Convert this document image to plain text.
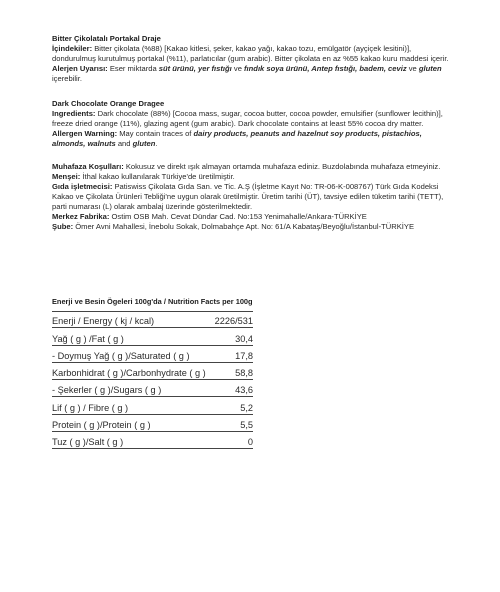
Bitter Çikolatalı Portakal Draje

İçindekiler: Bitter çikolata (%88) [Kakao kitlesi, şeker, kakao yağı, kakao tozu, emülgatör (ayçiçek lesitini)], dondurulmuş kurutulmuş portakal (%11), parlatıcılar (gum arabic). Bitter çikolata en az %55 kakao kuru maddesi içerir.

Alerjen Uyarısı: Eser miktarda süt ürünü, yer fıstığı ve fındık soya ürünü, Antep fıstığı, badem, ceviz ve gluten içerebilir.

Dark Chocolate Orange Dragee

Ingredients: Dark chocolate (88%) [Cocoa mass, sugar, cocoa butter, cocoa powder, emulsifier (sunflower lecithin)], freeze dried orange (11%), glazing agent (gum arabic). Dark chocolate contains at least 55% cocoa dry matter.

Allergen Warning: May contain traces of dairy products, peanuts and hazelnut soy products, pistachios, almonds, walnuts and gluten.

Muhafaza Koşulları: Kokusuz ve direkt ışık almayan ortamda muhafaza ediniz. Buzdolabında muhafaza etmeyiniz.

Menşei: İthal kakao kullanılarak Türkiye'de üretilmiştir.

Gıda işletmecisi: Patiswiss Çikolata Gıda San. ve Tic. A.Ş (İşletme Kayıt No: TR-06-K-008767) Türk Gıda Kodeksi Kakao ve Çikolata Ürünleri Tebliği'ne uygun olarak üretilmiştir. Üretim tarihi (ÜT), tavsiye edilen tüketim tarihi (TETT), parti numarası (L) olarak ambalaj üzerinde gösterilmektedir.

Merkez Fabrika: Ostim OSB Mah. Cevat Dündar Cad. No:153 Yenimahalle/Ankara-TÜRKİYE

Şube: Ömer Avni Mahallesi, İnebolu Sokak, Dolmabahçe Apt. No: 61/A Kabataş/Beyoğlu/İstanbul-TÜRKİYE

Enerji ve Besin Ögeleri 100g'da / Nutrition Facts per 100g
Enerji / Energy ( kj / kcal)	2226/531
Yağ ( g ) /Fat ( g )	30,4
- Doymuş Yağ ( g )/Saturated ( g )	17,8
Karbonhidrat ( g )/Carbonhydrate ( g )	58,8
- Şekerler ( g )/Sugars ( g )	43,6
Lif ( g ) / Fibre ( g )	5,2
Protein ( g )/Protein ( g )	5,5
Tuz ( g )/Salt ( g )	0
